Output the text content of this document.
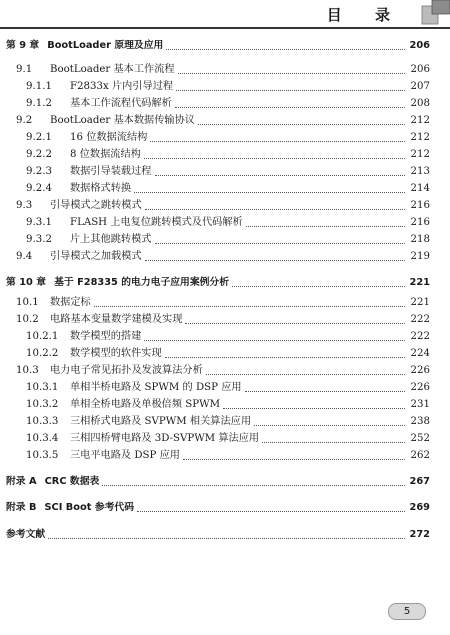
目 录
第 9 章 BootLoader 原理及应用	206
9.1	BootLoader 基本工作流程	206
9.1.1	F2833x 片内引导过程	207
9.1.2	基本工作流程代码解析	208
9.2	BootLoader 基本数据传输协议	212
9.2.1	16 位数据流结构	212
9.2.2	8 位数据流结构	212
9.2.3	数据引导装载过程	213
9.2.4	数据格式转换	214
9.3	引导模式之跳转模式	216
9.3.1	FLASH 上电复位跳转模式及代码解析	216
9.3.2	片上其他跳转模式	218
9.4	引导模式之加载模式	219
第 10 章 基于 F28335 的电力电子应用案例分析	221
10.1	数据定标	221
10.2	电路基本变量数学建模及实现	222
10.2.1	数学模型的搭建	222
10.2.2	数学模型的软件实现	224
10.3	电力电子常见拓扑及发波算法分析	226
10.3.1	单相半桥电路及 SPWM 的 DSP 应用	226
10.3.2	单相全桥电路及单极倍频 SPWM	231
10.3.3	三相桥式电路及 SVPWM 相关算法应用	238
10.3.4	三相四桥臂电路及 3D-SVPWM 算法应用	252
10.3.5	三电平电路及 DSP 应用	262
附录 A CRC 数据表	267
附录 B SCI Boot 参考代码	269
参考文献	272
5
